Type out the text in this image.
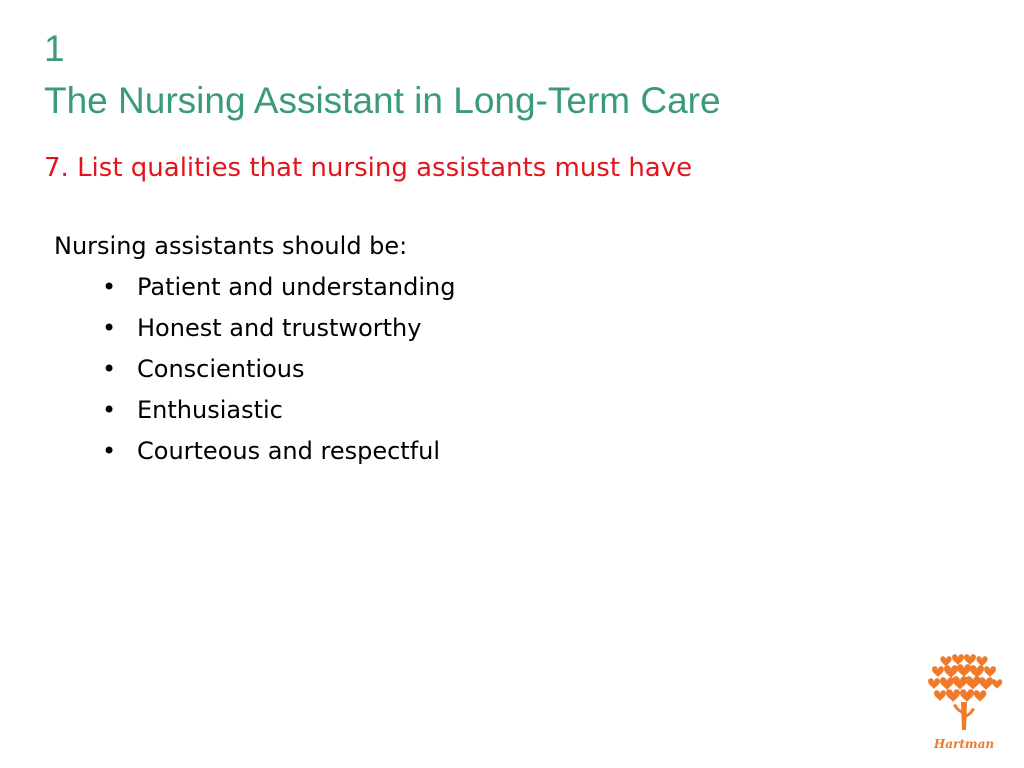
1
The Nursing Assistant in Long-Term Care
7. List qualities that nursing assistants must have
Nursing assistants should be:
• Patient and understanding
• Honest and trustworthy
• Conscientious
• Enthusiastic
• Courteous and respectful
Hartman
